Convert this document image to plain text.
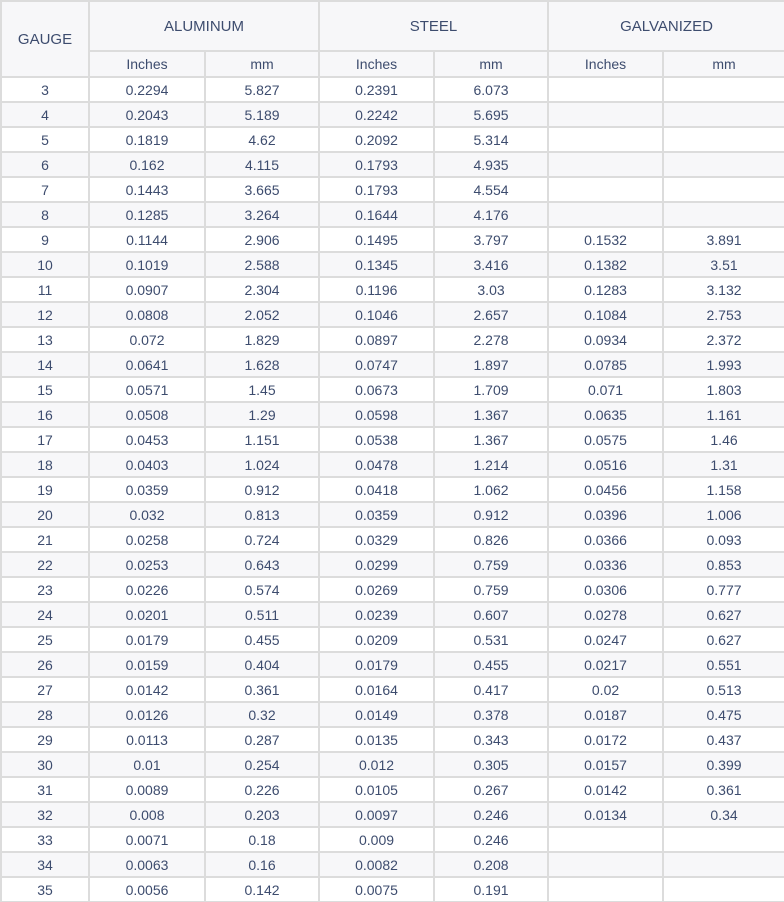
GAUGE	ALUMINUM		STEEL		GALVANIZED	
	Inches	mm	Inches	mm	Inches	mm
3	0.2294	5.827	0.2391	6.073		
4	0.2043	5.189	0.2242	5.695		
5	0.1819	4.62	0.2092	5.314		
6	0.162	4.115	0.1793	4.935		
7	0.1443	3.665	0.1793	4.554		
8	0.1285	3.264	0.1644	4.176		
9	0.1144	2.906	0.1495	3.797	0.1532	3.891
10	0.1019	2.588	0.1345	3.416	0.1382	3.51
11	0.0907	2.304	0.1196	3.03	0.1283	3.132
12	0.0808	2.052	0.1046	2.657	0.1084	2.753
13	0.072	1.829	0.0897	2.278	0.0934	2.372
14	0.0641	1.628	0.0747	1.897	0.0785	1.993
15	0.0571	1.45	0.0673	1.709	0.071	1.803
16	0.0508	1.29	0.0598	1.367	0.0635	1.161
17	0.0453	1.151	0.0538	1.367	0.0575	1.46
18	0.0403	1.024	0.0478	1.214	0.0516	1.31
19	0.0359	0.912	0.0418	1.062	0.0456	1.158
20	0.032	0.813	0.0359	0.912	0.0396	1.006
21	0.0258	0.724	0.0329	0.826	0.0366	0.093
22	0.0253	0.643	0.0299	0.759	0.0336	0.853
23	0.0226	0.574	0.0269	0.759	0.0306	0.777
24	0.0201	0.511	0.0239	0.607	0.0278	0.627
25	0.0179	0.455	0.0209	0.531	0.0247	0.627
26	0.0159	0.404	0.0179	0.455	0.0217	0.551
27	0.0142	0.361	0.0164	0.417	0.02	0.513
28	0.0126	0.32	0.0149	0.378	0.0187	0.475
29	0.0113	0.287	0.0135	0.343	0.0172	0.437
30	0.01	0.254	0.012	0.305	0.0157	0.399
31	0.0089	0.226	0.0105	0.267	0.0142	0.361
32	0.008	0.203	0.0097	0.246	0.0134	0.34
33	0.0071	0.18	0.009	0.246		
34	0.0063	0.16	0.0082	0.208		
35	0.0056	0.142	0.0075	0.191		
